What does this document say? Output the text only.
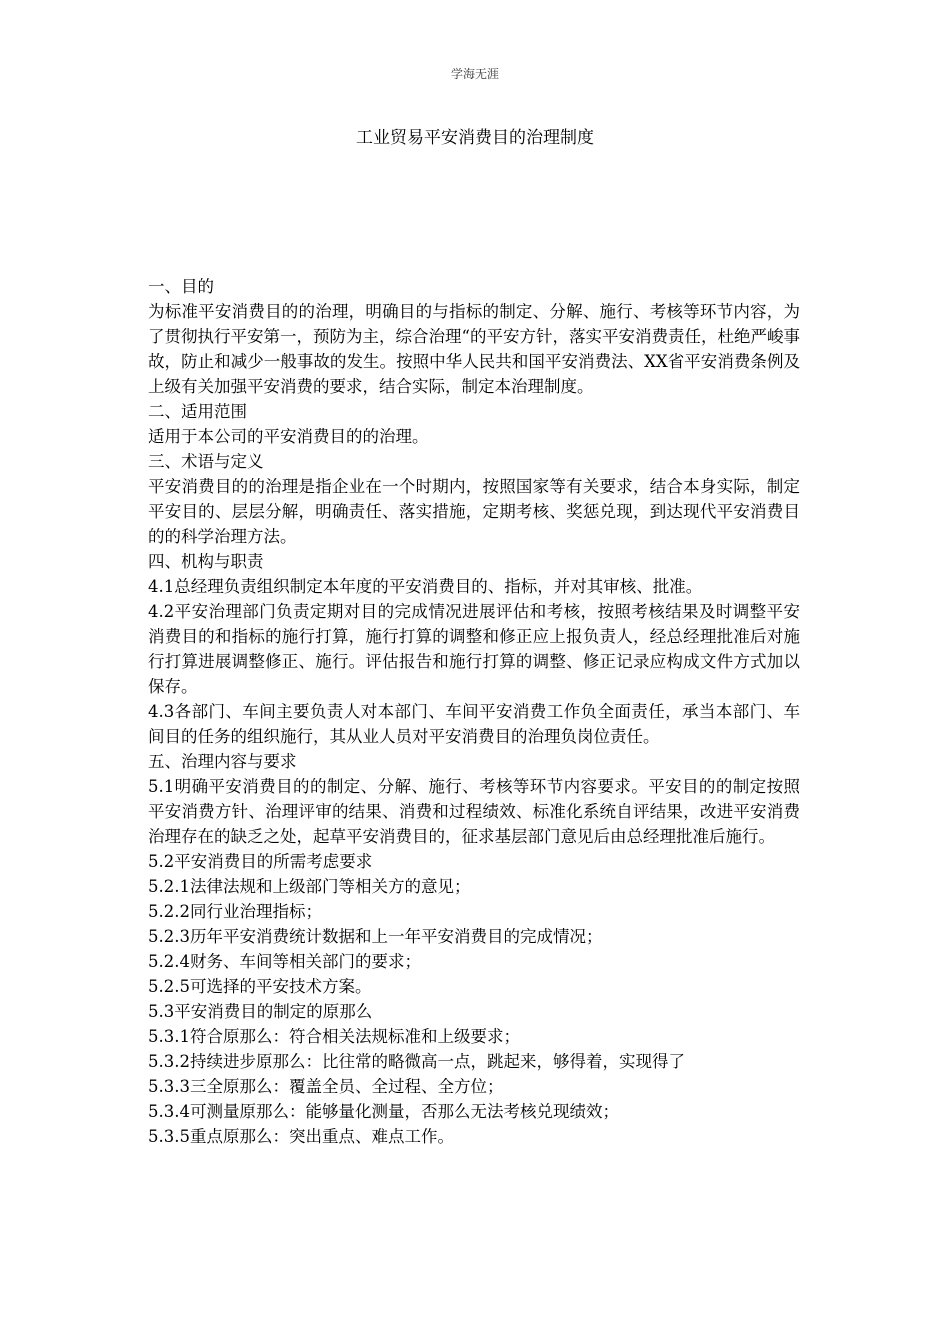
学海无涯
工业贸易平安消费目的治理制度

一、目的

为标准平安消费目的的治理，明确目的与指标的制定、分解、施行、考核等环节内容，为了贯彻执行平安第一，预防为主，综合治理“的平安方针，落实平安消费责任，杜绝严峻事故，防止和减少一般事故的发生。按照中华人民共和国平安消费法、XX省平安消费条例及上级有关加强平安消费的要求，结合实际，制定本治理制度。

二、适用范围

适用于本公司的平安消费目的的治理。

三、术语与定义

平安消费目的的治理是指企业在一个时期内，按照国家等有关要求，结合本身实际，制定平安目的、层层分解，明确责任、落实措施，定期考核、奖惩兑现，到达现代平安消费目的的科学治理方法。

四、机构与职责

4.1总经理负责组织制定本年度的平安消费目的、指标，并对其审核、批准。

4.2平安治理部门负责定期对目的完成情况进展评估和考核，按照考核结果及时调整平安消费目的和指标的施行打算，施行打算的调整和修正应上报负责人，经总经理批准后对施行打算进展调整修正、施行。评估报告和施行打算的调整、修正记录应构成文件方式加以保存。

4.3各部门、车间主要负责人对本部门、车间平安消费工作负全面责任，承当本部门、车间目的任务的组织施行，其从业人员对平安消费目的治理负岗位责任。

五、治理内容与要求

5.1明确平安消费目的的制定、分解、施行、考核等环节内容要求。平安目的的制定按照平安消费方针、治理评审的结果、消费和过程绩效、标准化系统自评结果，改进平安消费治理存在的缺乏之处，起草平安消费目的，征求基层部门意见后由总经理批准后施行。

5.2平安消费目的所需考虑要求

5.2.1法律法规和上级部门等相关方的意见；

5.2.2同行业治理指标；

5.2.3历年平安消费统计数据和上一年平安消费目的完成情况；

5.2.4财务、车间等相关部门的要求；

5.2.5可选择的平安技术方案。

5.3平安消费目的制定的原那么

5.3.1符合原那么：符合相关法规标准和上级要求；

5.3.2持续进步原那么：比往常的略微高一点，跳起来，够得着，实现得了

5.3.3三全原那么：覆盖全员、全过程、全方位；

5.3.4可测量原那么：能够量化测量，否那么无法考核兑现绩效；

5.3.5重点原那么：突出重点、难点工作。
